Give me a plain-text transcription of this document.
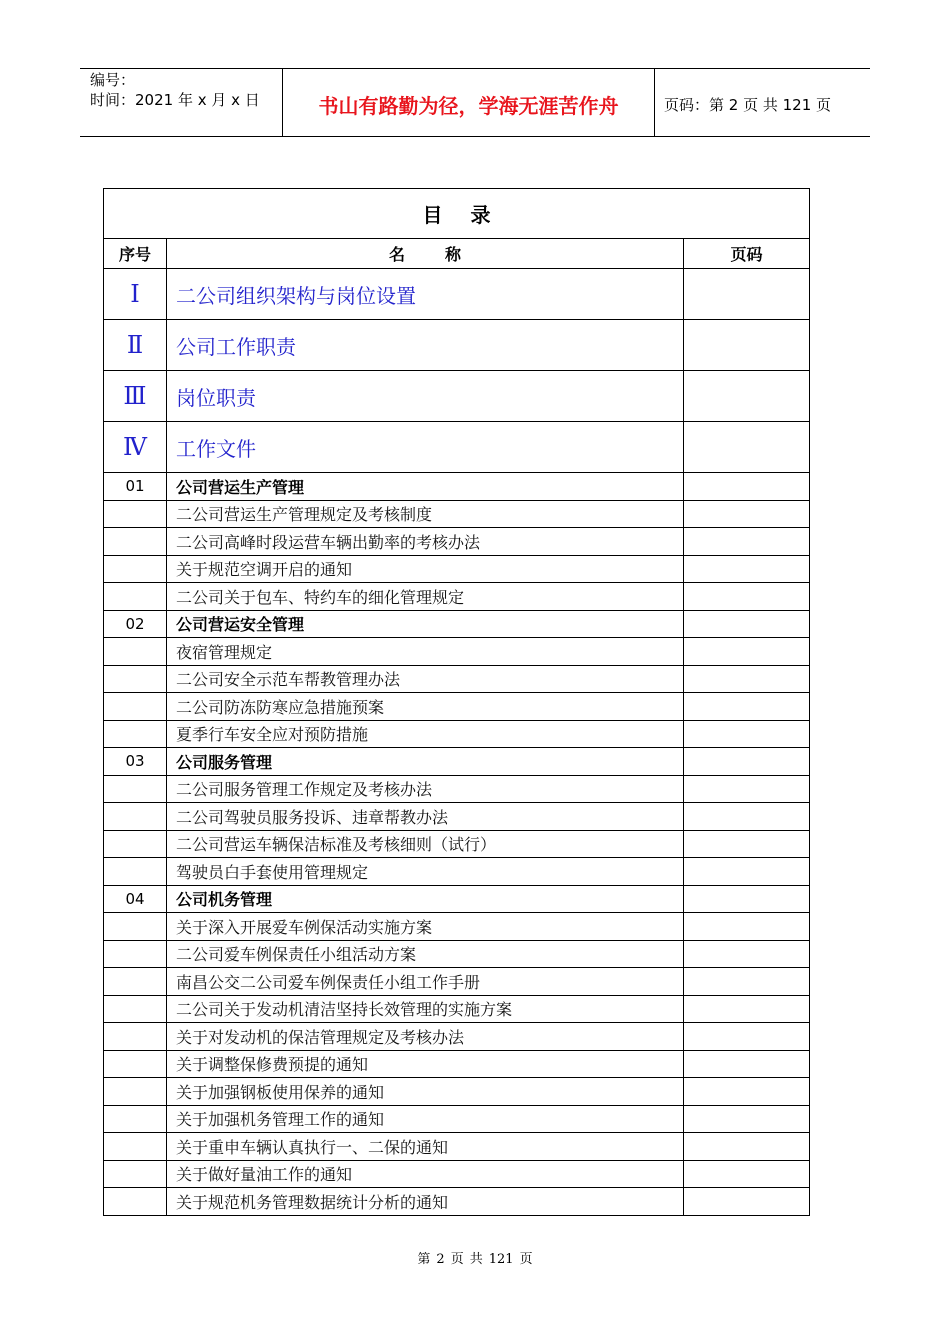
编号：
时间：2021 年 x 月 x 日	书山有路勤为径，学海无涯苦作舟	页码：第 2 页 共 121 页
目录		
序号	名称	页码
Ⅰ	二公司组织架构与岗位设置	
Ⅱ	公司工作职责	
Ⅲ	岗位职责	
Ⅳ	工作文件	
01	公司营运生产管理	
	二公司营运生产管理规定及考核制度	
	二公司高峰时段运营车辆出勤率的考核办法	
	关于规范空调开启的通知	
	二公司关于包车、特约车的细化管理规定	
02	公司营运安全管理	
	夜宿管理规定	
	二公司安全示范车帮教管理办法	
	二公司防冻防寒应急措施预案	
	夏季行车安全应对预防措施	
03	公司服务管理	
	二公司服务管理工作规定及考核办法	
	二公司驾驶员服务投诉、违章帮教办法	
	二公司营运车辆保洁标准及考核细则（试行）	
	驾驶员白手套使用管理规定	
04	公司机务管理	
	关于深入开展爱车例保活动实施方案	
	二公司爱车例保责任小组活动方案	
	南昌公交二公司爱车例保责任小组工作手册	
	二公司关于发动机清洁坚持长效管理的实施方案	
	关于对发动机的保洁管理规定及考核办法	
	关于调整保修费预提的通知	
	关于加强钢板使用保养的通知	
	关于加强机务管理工作的通知	
	关于重申车辆认真执行一、二保的通知	
	关于做好量油工作的通知	
	关于规范机务管理数据统计分析的通知	
第 2 页 共 121 页
